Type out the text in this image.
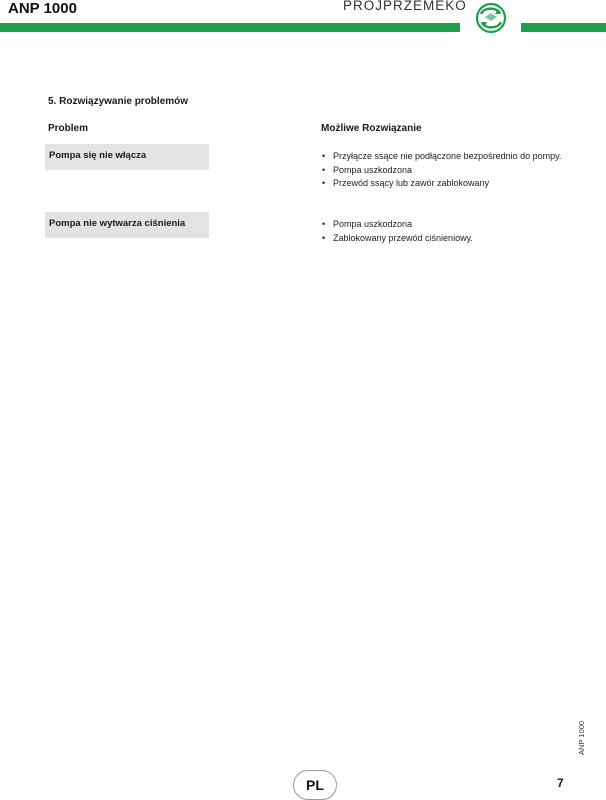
ANP 1000	PROJPRZEMEKO
5. Rozwiązywanie problemów
Problem	Możliwe Rozwiązanie
Pompa się nie włącza	• Przyłącze ssące nie podłączone bezpośrednio do pompy.
• Pompa uszkodzona
• Przewód ssący lub zawór zablokowany
Pompa nie wytwarza ciśnienia	• Pompa uszkodzona
• Zablokowany przewód ciśnieniowy.
ANP 1000
PL	7
